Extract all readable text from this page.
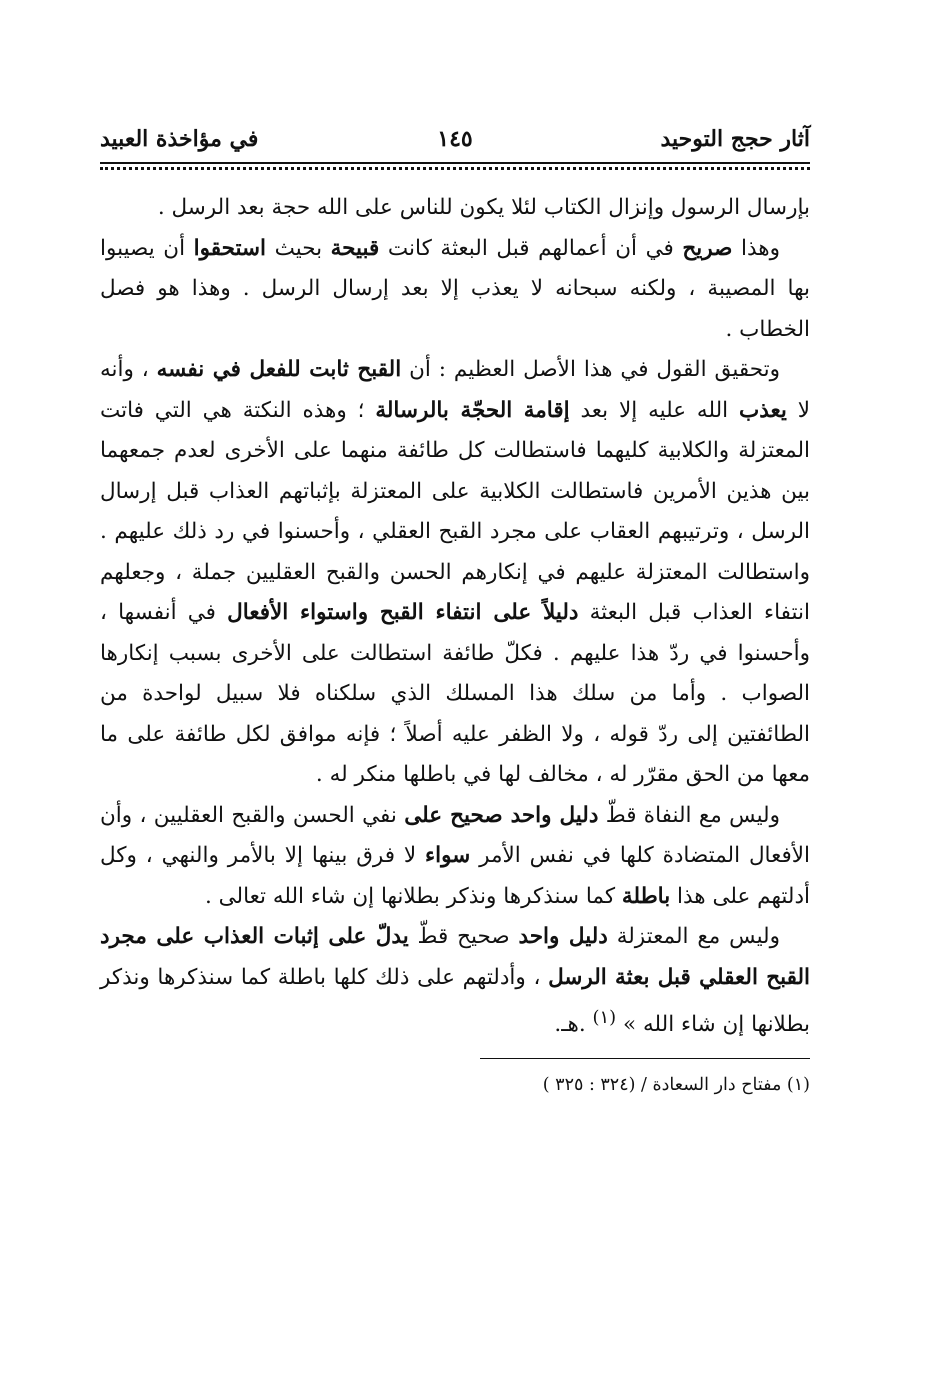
آثار حجج التوحيد
١٤٥
في مؤاخذة العبيد

بإرسال الرسول وإنزال الكتاب لئلا يكون للناس على الله حجة بعد الرسل .

وهذا صريح في أن أعمالهم قبل البعثة كانت قبيحة بحيث استحقوا أن يصيبوا بها المصيبة ، ولكنه سبحانه لا يعذب إلا بعد إرسال الرسل . وهذا هو فصل الخطاب .

وتحقيق القول في هذا الأصل العظيم : أن القبح ثابت للفعل في نفسه ، وأنه لا يعذب الله عليه إلا بعد إقامة الحجّة بالرسالة ؛ وهذه النكتة هي التي فاتت المعتزلة والكلابية كليهما فاستطالت كل طائفة منهما على الأخرى لعدم جمعهما بين هذين الأمرين فاستطالت الكلابية على المعتزلة بإثباتهم العذاب قبل إرسال الرسل ، وترتيبهم العقاب على مجرد القبح العقلي ، وأحسنوا في رد ذلك عليهم . واستطالت المعتزلة عليهم في إنكارهم الحسن والقبح العقليين جملة ، وجعلهم انتفاء العذاب قبل البعثة دليلاً على انتفاء القبح واستواء الأفعال في أنفسها ، وأحسنوا في ردّ هذا عليهم . فكلّ طائفة استطالت على الأخرى بسبب إنكارها الصواب . وأما من سلك هذا المسلك الذي سلكناه فلا سبيل لواحدة من الطائفتين إلى ردّ قوله ، ولا الظفر عليه أصلاً ؛ فإنه موافق لكل طائفة على ما معها من الحق مقرّر له ، مخالف لها في باطلها منكر له .

وليس مع النفاة قطّ دليل واحد صحيح على نفي الحسن والقبح العقليين ، وأن الأفعال المتضادة كلها في نفس الأمر سواء لا فرق بينها إلا بالأمر والنهي ، وكل أدلتهم على هذا باطلة كما سنذكرها ونذكر بطلانها إن شاء الله تعالى .

وليس مع المعتزلة دليل واحد صحيح قطّ يدلّ على إثبات العذاب على مجرد القبح العقلي قبل بعثة الرسل ، وأدلتهم على ذلك كلها باطلة كما سنذكرها ونذكر بطلانها إن شاء الله » $^{(١)}$ .هـ.

(١) مفتاح دار السعادة / (٣٢٤ : ٣٢٥ )
